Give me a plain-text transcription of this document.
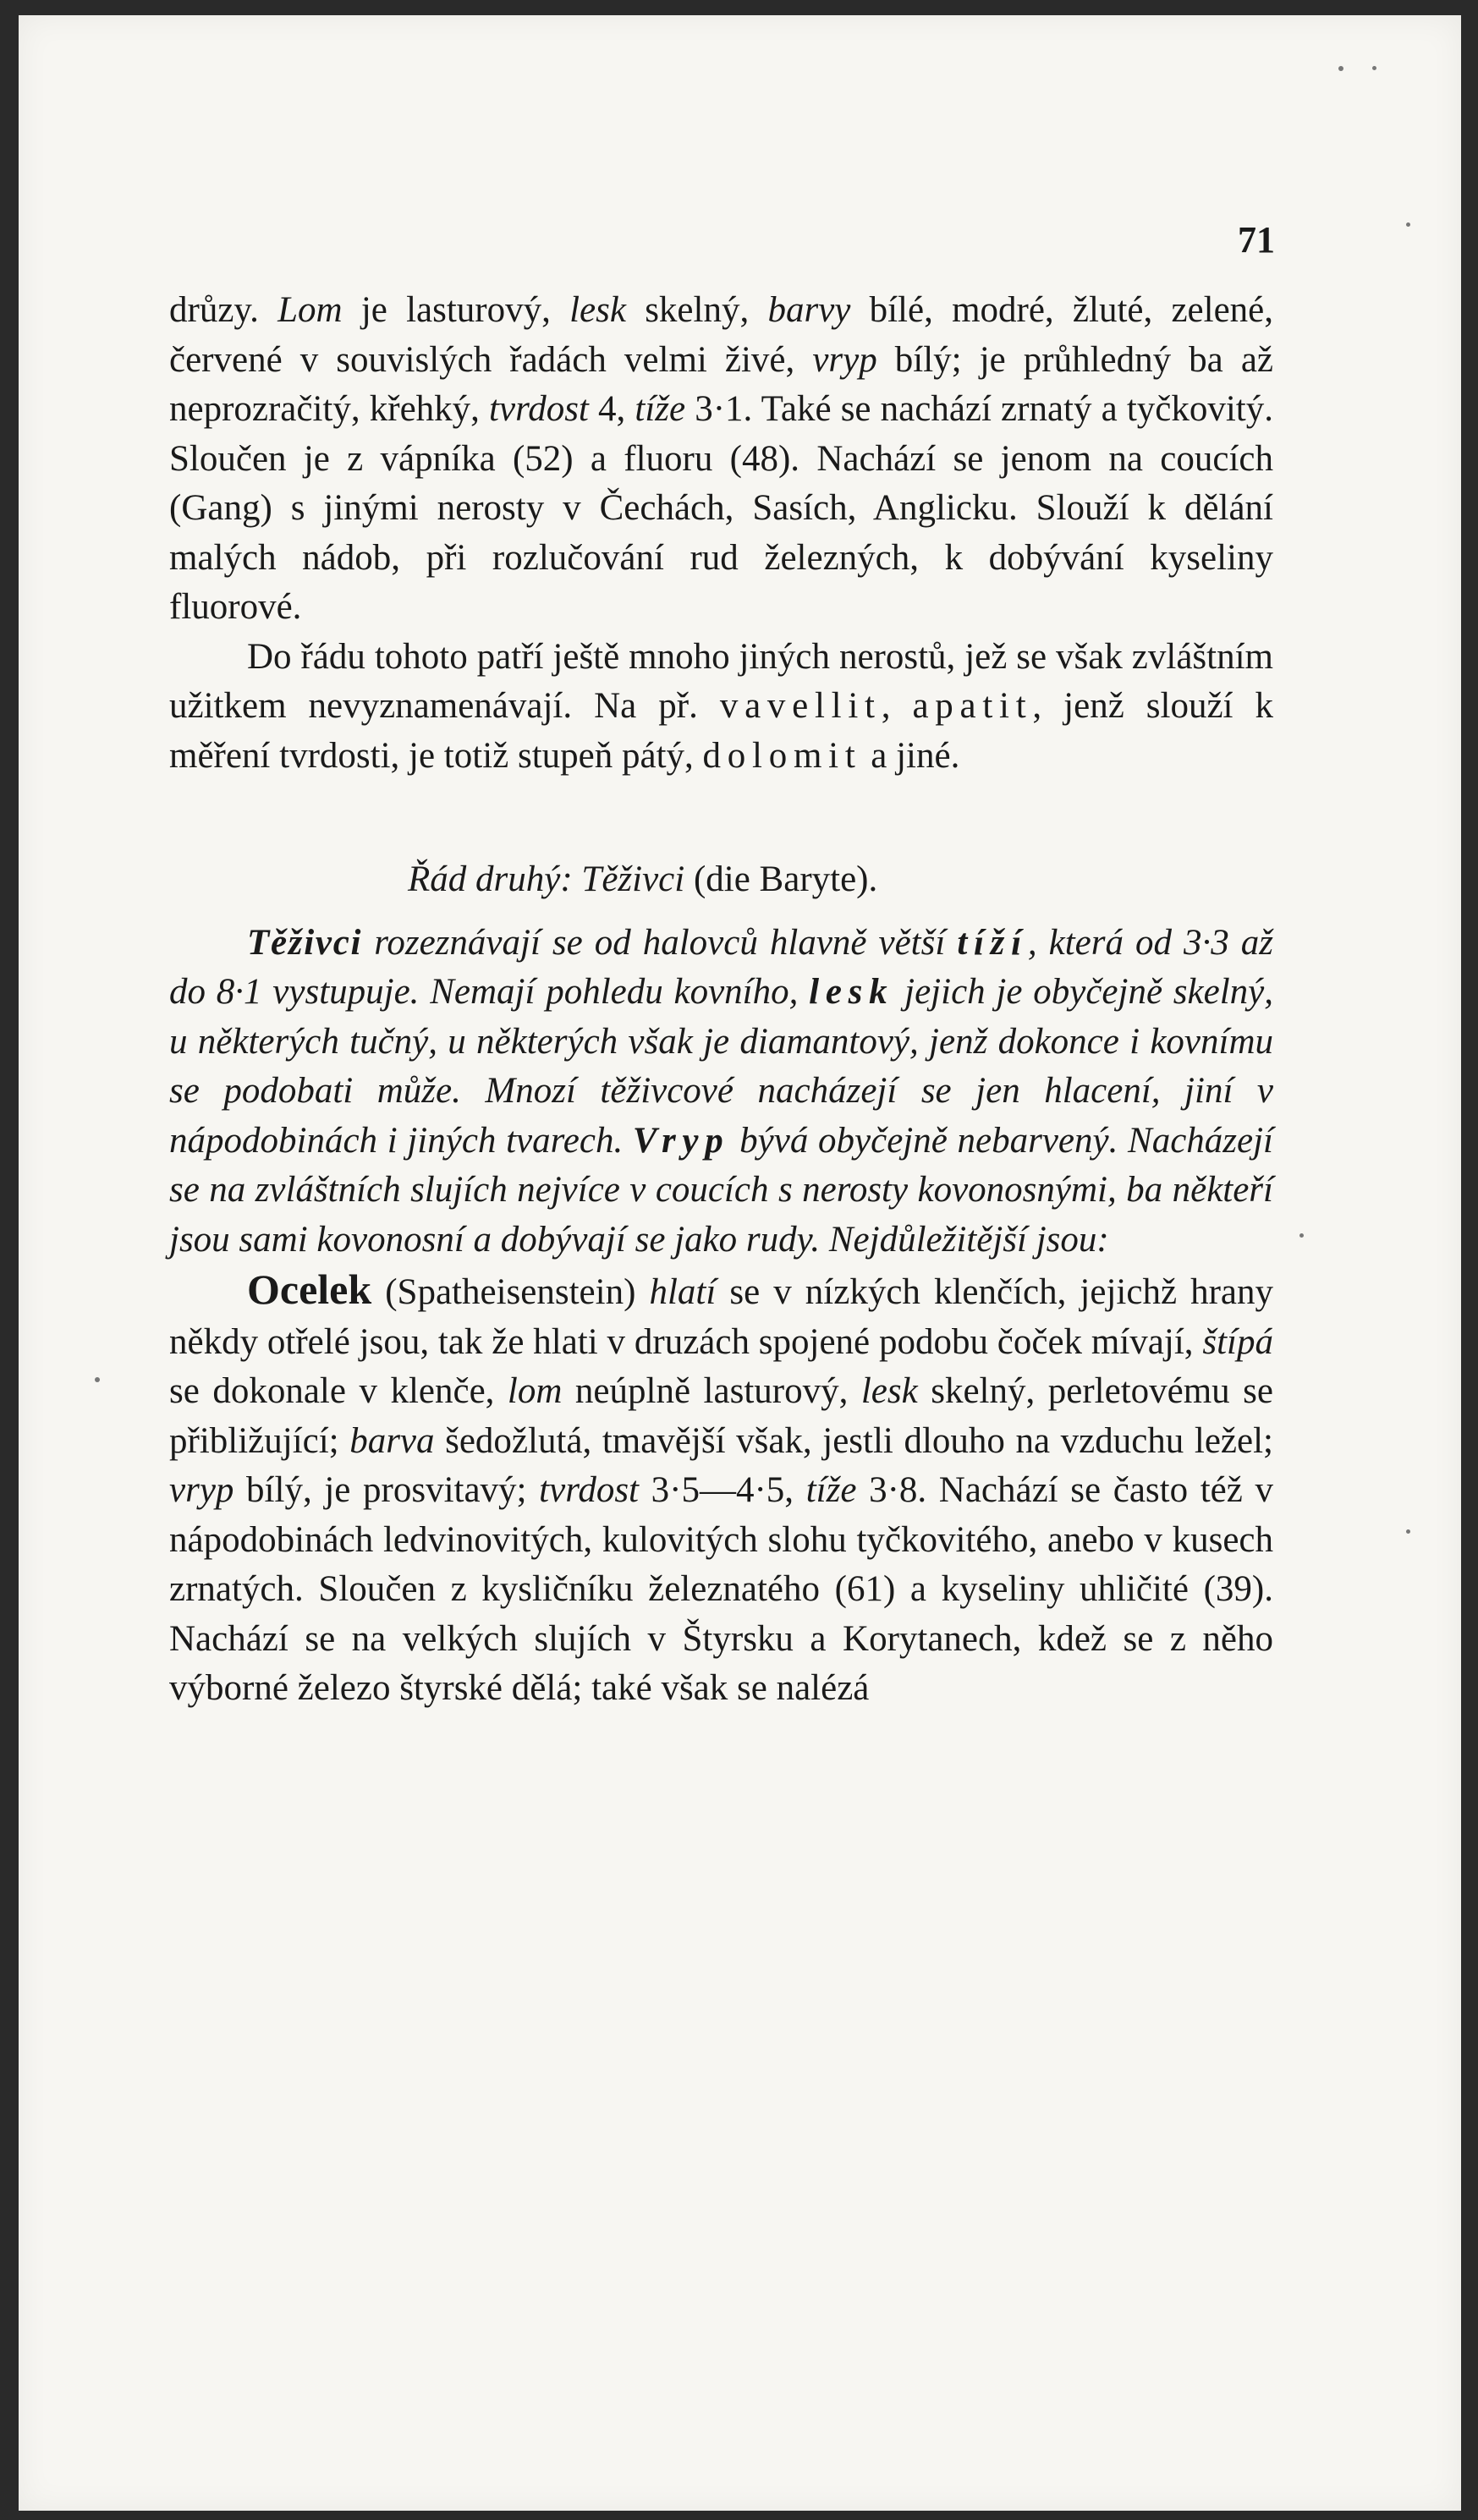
71

drůzy. Lom je lasturový, lesk skelný, barvy bílé, modré, žluté, zelené, červené v souvislých řadách velmi živé, vryp bílý; je průhledný ba až neprozračitý, křehký, tvrdost 4, tíže 3·1. Také se nachází zrnatý a tyčkovitý. Sloučen je z vápníka (52) a fluoru (48). Nachází se jenom na coucích (Gang) s jinými nerosty v Čechách, Sasích, Anglicku. Slouží k dělání malých nádob, při rozlučování rud železných, k dobývání kyseliny fluorové.

Do řádu tohoto patří ještě mnoho jiných nerostů, jež se však zvláštním užitkem nevyznamenávají. Na př. vavellit, apatit, jenž slouží k měření tvrdosti, je totiž stupeň pátý, dolomit a jiné.

Řád druhý: Těživci (die Baryte).

Těživci rozeznávají se od halovců hlavně větší tíží, která od 3·3 až do 8·1 vystupuje. Nemají pohledu kovního, lesk jejich je obyčejně skelný, u některých tučný, u některých však je diamantový, jenž dokonce i kovnímu se podobati může. Mnozí těživcové nacházejí se jen hlacení, jiní v nápodobinách i jiných tvarech. Vryp bývá obyčejně nebarvený. Nacházejí se na zvláštních slujích nejvíce v coucích s nerosty kovonosnými, ba někteří jsou sami kovonosní a dobývají se jako rudy. Nejdůležitější jsou:

Ocelek (Spatheisenstein) hlatí se v nízkých klenčích, jejichž hrany někdy otřelé jsou, tak že hlati v druzách spojené podobu čoček mívají, štípá se dokonale v klenče, lom neúplně lasturový, lesk skelný, perletovému se přibližující; barva šedožlutá, tmavější však, jestli dlouho na vzduchu ležel; vryp bílý, je prosvitavý; tvrdost 3·5—4·5, tíže 3·8. Nachází se často též v nápodobinách ledvinovitých, kulovitých slohu tyčkovitého, anebo v kusech zrnatých. Sloučen z kysličníku železnatého (61) a kyseliny uhličité (39). Nachází se na velkých slujích v Štyrsku a Korytanech, kdež se z něho výborné železo štyrské dělá; také však se nalézá
